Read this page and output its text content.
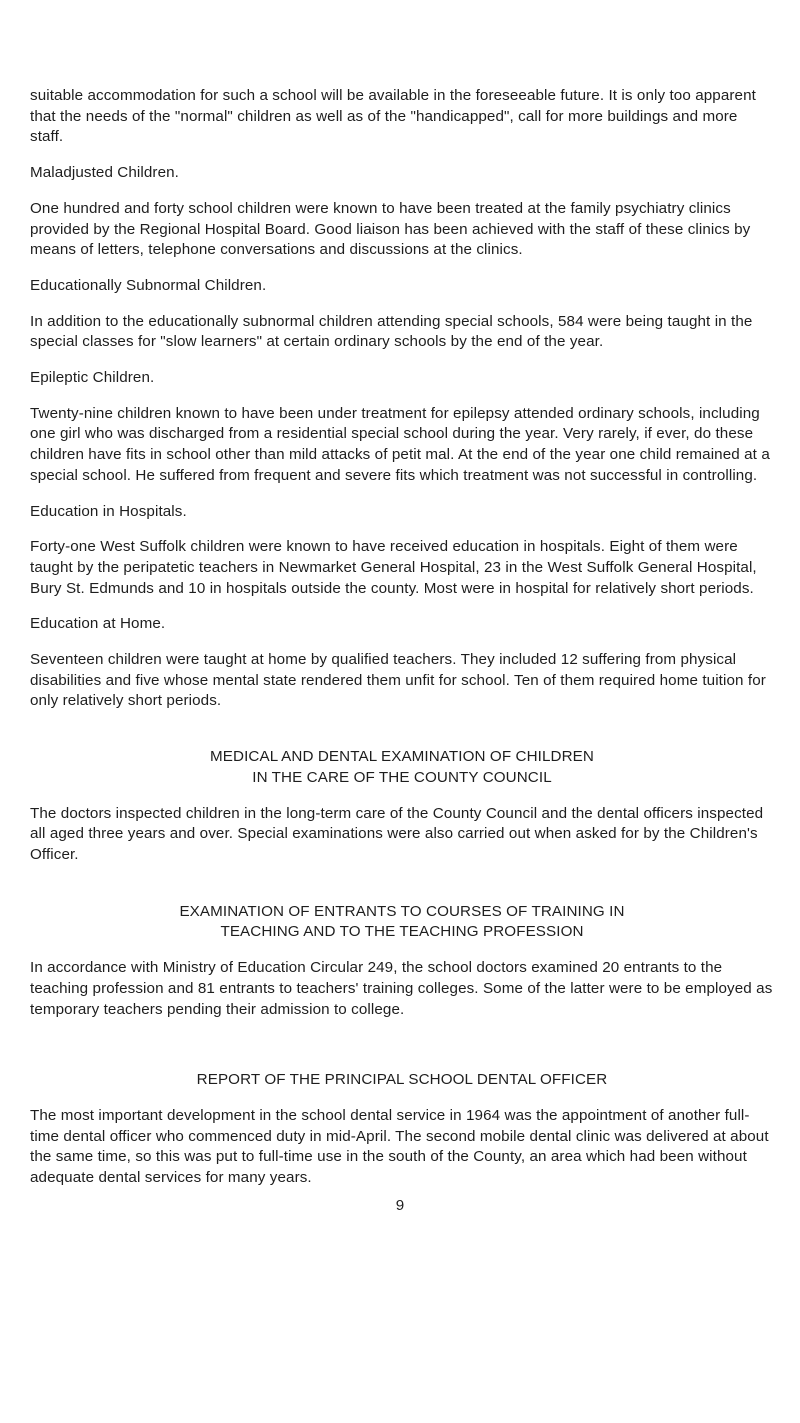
suitable accommodation for such a school will be available in the foreseeable future. It is only too apparent that the needs of the "normal" children as well as of the "handicapped", call for more buildings and more staff.

Maladjusted Children.

One hundred and forty school children were known to have been treated at the family psychiatry clinics provided by the Regional Hospital Board. Good liaison has been achieved with the staff of these clinics by means of letters, telephone conversations and discussions at the clinics.

Educationally Subnormal Children.

In addition to the educationally subnormal children attending special schools, 584 were being taught in the special classes for "slow learners" at certain ordinary schools by the end of the year.

Epileptic Children.

Twenty-nine children known to have been under treatment for epilepsy attended ordinary schools, including one girl who was discharged from a residential special school during the year. Very rarely, if ever, do these children have fits in school other than mild attacks of petit mal. At the end of the year one child remained at a special school. He suffered from frequent and severe fits which treatment was not successful in controlling.

Education in Hospitals.

Forty-one West Suffolk children were known to have received education in hospitals. Eight of them were taught by the peripatetic teachers in Newmarket General Hospital, 23 in the West Suffolk General Hospital, Bury St. Edmunds and 10 in hospitals outside the county. Most were in hospital for relatively short periods.

Education at Home.

Seventeen children were taught at home by qualified teachers. They included 12 suffering from physical disabilities and five whose mental state rendered them unfit for school. Ten of them required home tuition for only relatively short periods.

MEDICAL AND DENTAL EXAMINATION OF CHILDREN
IN THE CARE OF THE COUNTY COUNCIL

The doctors inspected children in the long-term care of the County Council and the dental officers inspected all aged three years and over. Special examinations were also carried out when asked for by the Children's Officer.

EXAMINATION OF ENTRANTS TO COURSES OF TRAINING IN
TEACHING AND TO THE TEACHING PROFESSION

In accordance with Ministry of Education Circular 249, the school doctors examined 20 entrants to the teaching profession and 81 entrants to teachers' training colleges. Some of the latter were to be employed as temporary teachers pending their admission to college.

REPORT OF THE PRINCIPAL SCHOOL DENTAL OFFICER

The most important development in the school dental service in 1964 was the appointment of another full-time dental officer who commenced duty in mid-April. The second mobile dental clinic was delivered at about the same time, so this was put to full-time use in the south of the County, an area which had been without adequate dental services for many years.

9
